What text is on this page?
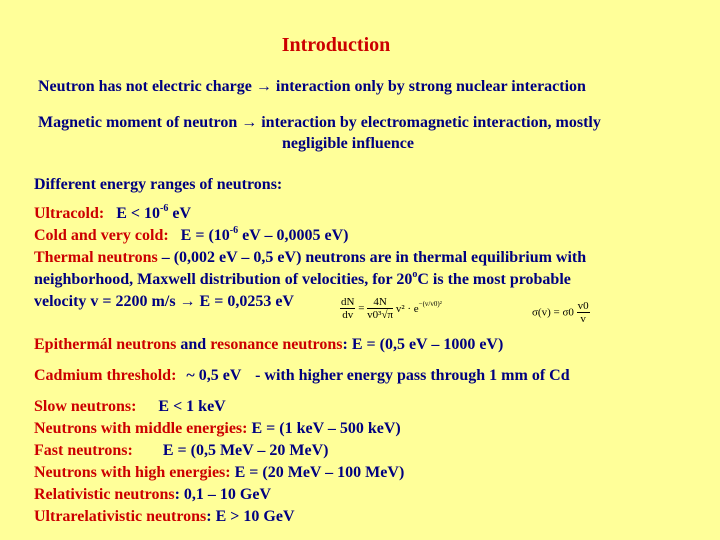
Introduction
Neutron has not electric charge → interaction only by strong nuclear interaction
Magnetic moment of neutron → interaction by electromagnetic interaction, mostly
negligible influence
Different energy ranges of neutrons:
Ultracold: $E < 10^{-6}$ eV
Cold and very cold: $E = (10^{-6}$ eV – 0,0005 eV)
Thermal neutrons – (0,002 eV – 0,5 eV) neutrons are in thermal equilibrium with
neighborhood, Maxwell distribution of velocities, for 20$^o$C is the most probable
velocity v = 2200 m/s → E = 0,0253 eV	$\frac{dN}{dv} = \frac{4N}{\text{v0³√π}} v^2 \cdot e^{-(v/v0)^2}$
$\sigma(v) = \sigma 0 \frac{v0}{v}$
Epithermál neutrons and resonance neutrons: E = (0,5 eV – 1000 eV)
Cadmium threshold: ~ 0,5 eV - with higher energy pass through 1 mm of Cd
Slow neutrons: E < 1 keV
Neutrons with middle energies: E = (1 keV – 500 keV)
Fast neutrons: E = (0,5 MeV – 20 MeV)
Neutrons with high energies: E = (20 MeV – 100 MeV)
Relativistic neutrons: 0,1 – 10 GeV
Ultrarelativistic neutrons: E > 10 GeV
